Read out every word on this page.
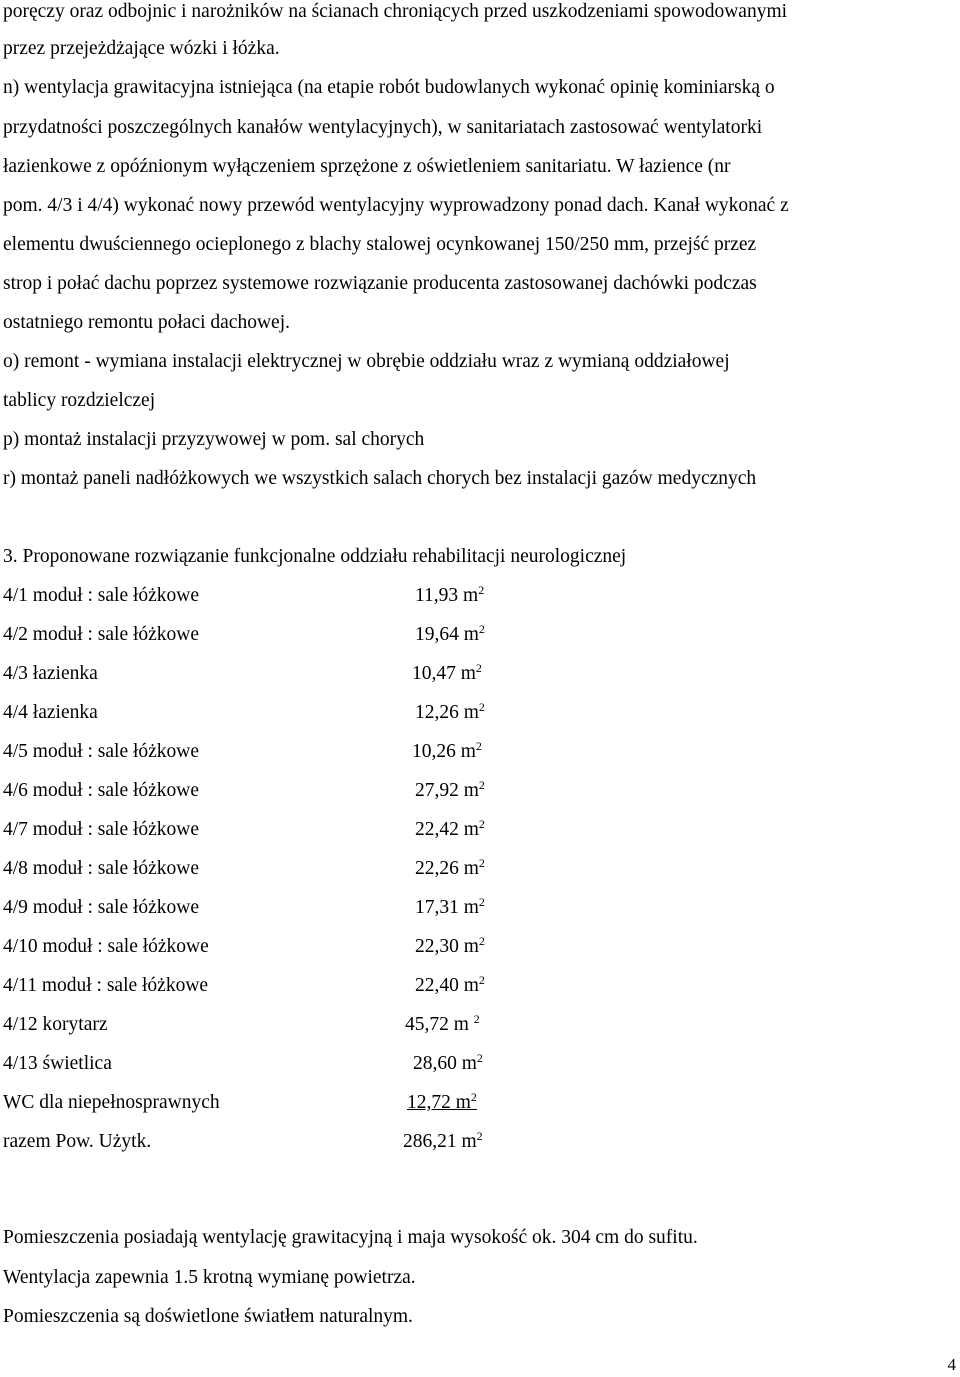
poręczy oraz odbojnic i narożników na ścianach chroniących przed uszkodzeniami spowodowanymi
przez przejeżdżające wózki i łóżka.
n) wentylacja grawitacyjna istniejąca (na etapie robót budowlanych wykonać opinię kominiarską o
przydatności poszczególnych kanałów wentylacyjnych), w sanitariatach zastosować wentylatorki
łazienkowe z opóźnionym wyłączeniem sprzężone z oświetleniem sanitariatu. W łazience (nr
pom. 4/3 i 4/4) wykonać nowy przewód wentylacyjny wyprowadzony ponad dach. Kanał wykonać z
elementu dwuściennego ocieplonego z blachy stalowej ocynkowanej 150/250 mm, przejść przez
strop i połać dachu poprzez systemowe rozwiązanie producenta zastosowanej dachówki podczas
ostatniego remontu połaci dachowej.
o) remont - wymiana instalacji elektrycznej w obrębie oddziału wraz z wymianą oddziałowej
tablicy rozdzielczej
p) montaż instalacji przyzywowej w pom. sal chorych
r) montaż paneli nadłóżkowych we wszystkich salach chorych bez instalacji gazów medycznych
3. Proponowane rozwiązanie funkcjonalne oddziału rehabilitacji neurologicznej
4/1 moduł : sale łóżkowe	11,93 $m^2$
4/2 moduł : sale łóżkowe	19,64 $m^2$
4/3 łazienka	10,47 $m^2$
4/4 łazienka	12,26 $m^2$
4/5 moduł : sale łóżkowe	10,26 $m^2$
4/6 moduł : sale łóżkowe	27,92 $m^2$
4/7 moduł : sale łóżkowe	22,42 $m^2$
4/8 moduł : sale łóżkowe	22,26 $m^2$
4/9 moduł : sale łóżkowe	17,31 $m^2$
4/10 moduł : sale łóżkowe	22,30 $m^2$
4/11 moduł : sale łóżkowe	22,40 $m^2$
4/12 korytarz	45,72 m $^2$
4/13 świetlica	28,60 $m^2$
WC dla niepełnosprawnych	12,72 $m^2$
razem Pow. Użytk.	286,21 $m^2$
Pomieszczenia posiadają wentylację grawitacyjną i maja wysokość ok. 304 cm do sufitu.
Wentylacja zapewnia 1.5 krotną wymianę powietrza.
Pomieszczenia są doświetlone światłem naturalnym.
4
